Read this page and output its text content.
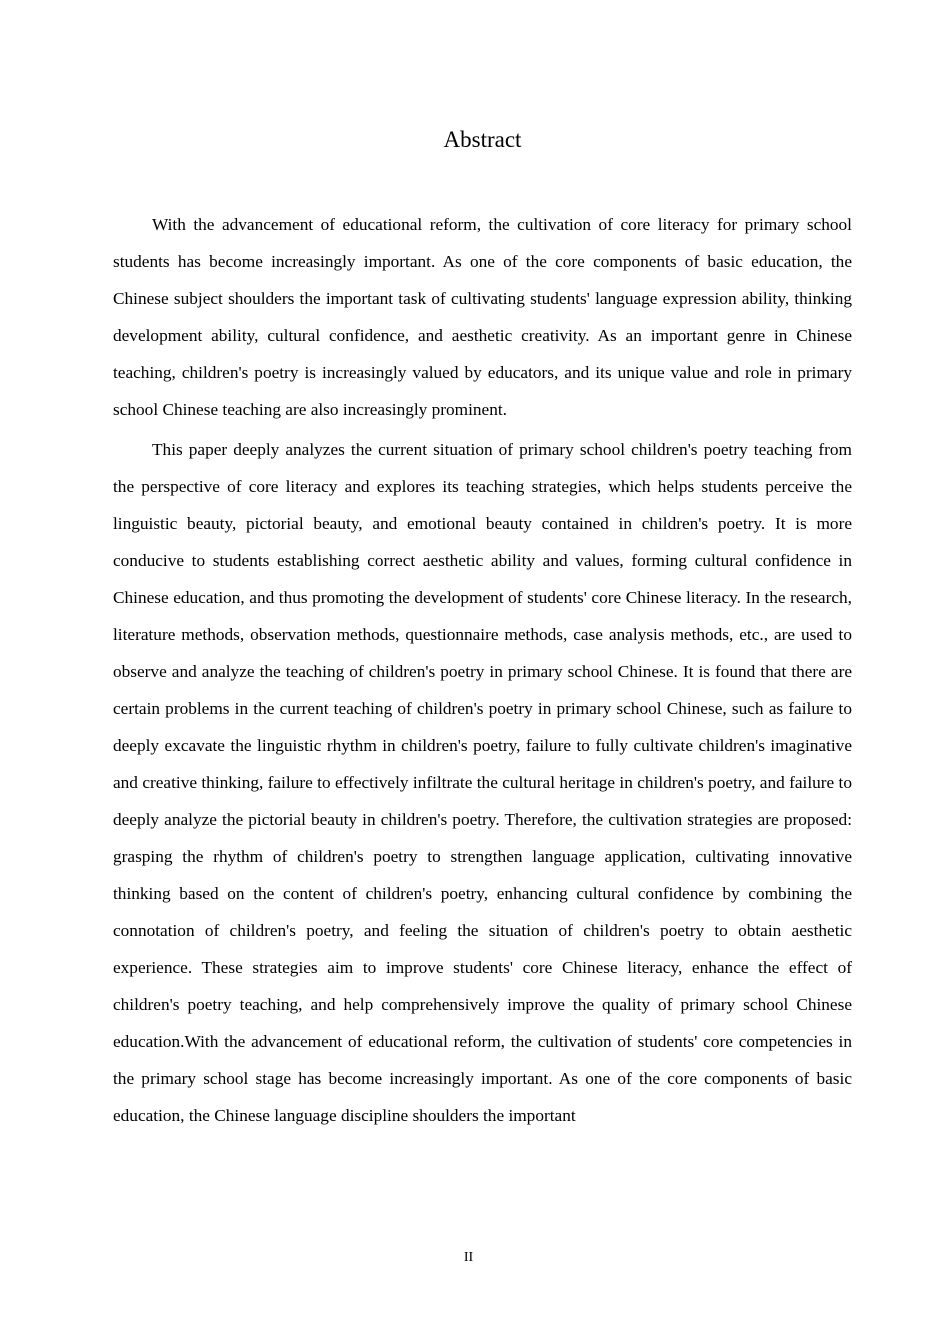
Abstract

With the advancement of educational reform, the cultivation of core literacy for primary school students has become increasingly important. As one of the core components of basic education, the Chinese subject shoulders the important task of cultivating students' language expression ability, thinking development ability, cultural confidence, and aesthetic creativity. As an important genre in Chinese teaching, children's poetry is increasingly valued by educators, and its unique value and role in primary school Chinese teaching are also increasingly prominent.

This paper deeply analyzes the current situation of primary school children's poetry teaching from the perspective of core literacy and explores its teaching strategies, which helps students perceive the linguistic beauty, pictorial beauty, and emotional beauty contained in children's poetry. It is more conducive to students establishing correct aesthetic ability and values, forming cultural confidence in Chinese education, and thus promoting the development of students' core Chinese literacy. In the research, literature methods, observation methods, questionnaire methods, case analysis methods, etc., are used to observe and analyze the teaching of children's poetry in primary school Chinese. It is found that there are certain problems in the current teaching of children's poetry in primary school Chinese, such as failure to deeply excavate the linguistic rhythm in children's poetry, failure to fully cultivate children's imaginative and creative thinking, failure to effectively infiltrate the cultural heritage in children's poetry, and failure to deeply analyze the pictorial beauty in children's poetry. Therefore, the cultivation strategies are proposed: grasping the rhythm of children's poetry to strengthen language application, cultivating innovative thinking based on the content of children's poetry, enhancing cultural confidence by combining the connotation of children's poetry, and feeling the situation of children's poetry to obtain aesthetic experience. These strategies aim to improve students' core Chinese literacy, enhance the effect of children's poetry teaching, and help comprehensively improve the quality of primary school Chinese education.With the advancement of educational reform, the cultivation of students' core competencies in the primary school stage has become increasingly important. As one of the core components of basic education, the Chinese language discipline shoulders the important

II
